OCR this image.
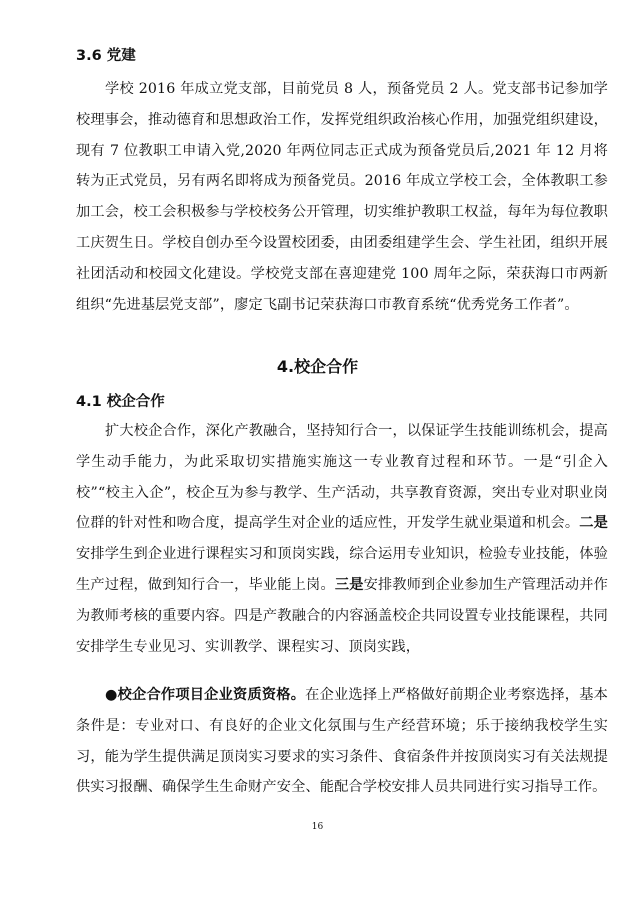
3.6 党建
学校 2016 年成立党支部，目前党员 8 人，预备党员 2 人。党支部书记参加学校理事会，推动德育和思想政治工作，发挥党组织政治核心作用，加强党组织建设，现有 7 位教职工申请入党,2020 年两位同志正式成为预备党员后,2021 年 12 月将转为正式党员，另有两名即将成为预备党员。2016 年成立学校工会，全体教职工参加工会，校工会积极参与学校校务公开管理，切实维护教职工权益，每年为每位教职工庆贺生日。学校自创办至今设置校团委，由团委组建学生会、学生社团，组织开展社团活动和校园文化建设。学校党支部在喜迎建党 100 周年之际，荣获海口市两新组织“先进基层党支部”，廖定飞副书记荣获海口市教育系统“优秀党务工作者”。
4.校企合作
4.1 校企合作
扩大校企合作，深化产教融合，坚持知行合一，以保证学生技能训练机会，提高学生动手能力，为此采取切实措施实施这一专业教育过程和环节。一是“引企入校”“校主入企”，校企互为参与教学、生产活动，共享教育资源，突出专业对职业岗位群的针对性和吻合度，提高学生对企业的适应性，开发学生就业渠道和机会。二是安排学生到企业进行课程实习和顶岗实践，综合运用专业知识，检验专业技能，体验生产过程，做到知行合一，毕业能上岗。三是安排教师到企业参加生产管理活动并作为教师考核的重要内容。四是产教融合的内容涵盖校企共同设置专业技能课程，共同安排学生专业见习、实训教学、课程实习、顶岗实践，
●校企合作项目企业资质资格。在企业选择上严格做好前期企业考察选择，基本条件是：专业对口、有良好的企业文化氛围与生产经营环境；乐于接纳我校学生实习，能为学生提供满足顶岗实习要求的实习条件、食宿条件并按顶岗实习有关法规提供实习报酬、确保学生生命财产安全、能配合学校安排人员共同进行实习指导工作。
16
